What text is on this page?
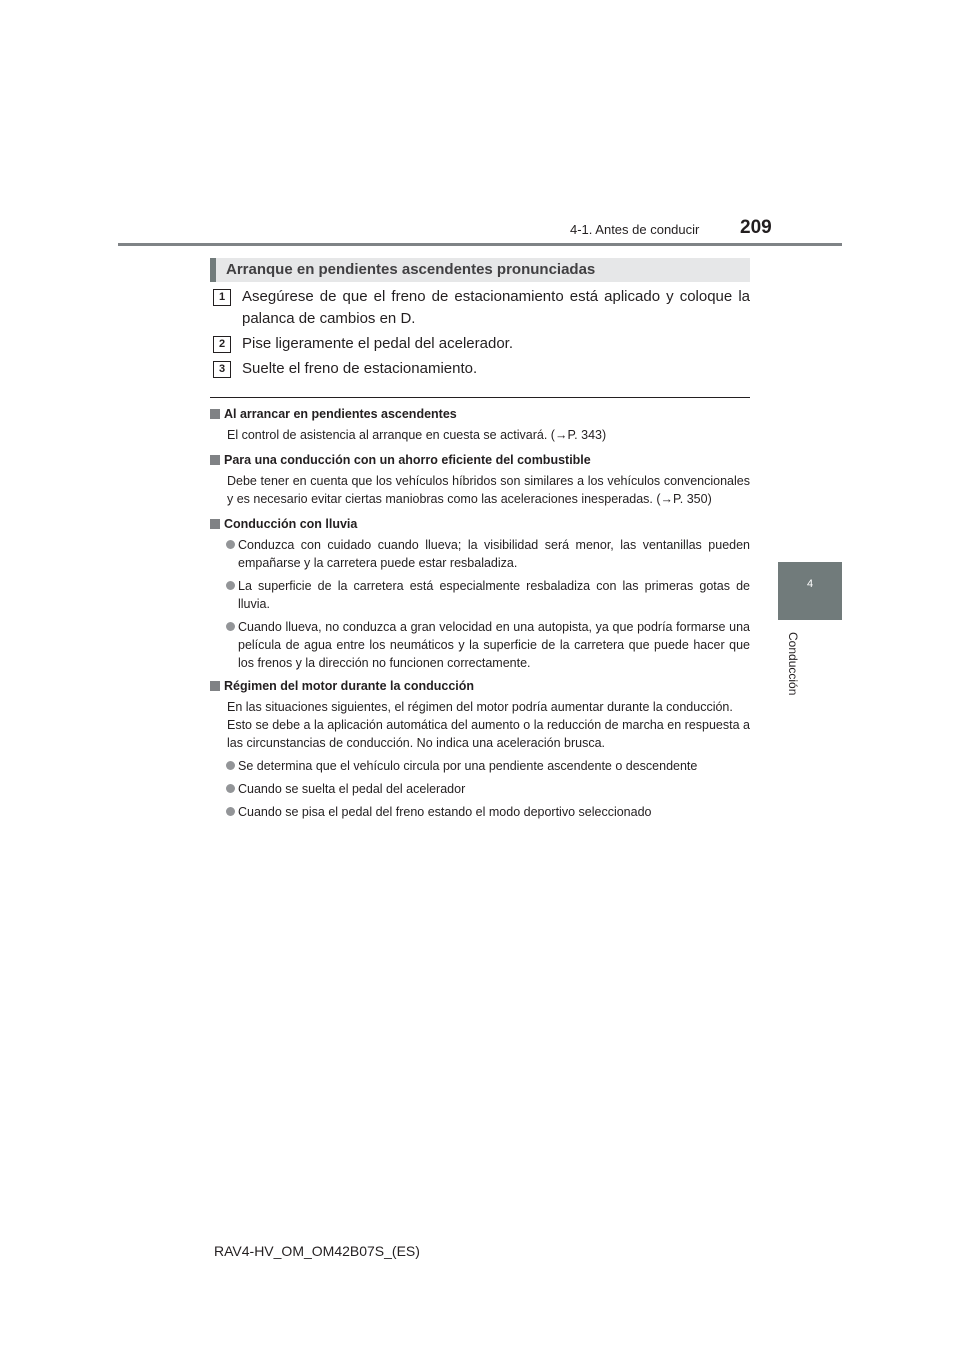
4-1. Antes de conducir 209
4
Conducción
Arranque en pendientes ascendentes pronunciadas
1	Asegúrese de que el freno de estacionamiento está aplicado y coloque la palanca de cambios en D.
2	Pise ligeramente el pedal del acelerador.
3	Suelte el freno de estacionamiento.
Al arrancar en pendientes ascendentes
El control de asistencia al arranque en cuesta se activará. (→P. 343)
Para una conducción con un ahorro eficiente del combustible
Debe tener en cuenta que los vehículos híbridos son similares a los vehículos convencionales y es necesario evitar ciertas maniobras como las aceleraciones inesperadas. (→P. 350)
Conducción con lluvia
Conduzca con cuidado cuando llueva; la visibilidad será menor, las ventanillas pueden empañarse y la carretera puede estar resbaladiza.
La superficie de la carretera está especialmente resbaladiza con las primeras gotas de lluvia.
Cuando llueva, no conduzca a gran velocidad en una autopista, ya que podría formarse una película de agua entre los neumáticos y la superficie de la carretera que puede hacer que los frenos y la dirección no funcionen correctamente.
Régimen del motor durante la conducción
En las situaciones siguientes, el régimen del motor podría aumentar durante la conducción.
Esto se debe a la aplicación automática del aumento o la reducción de marcha en respuesta a las circunstancias de conducción. No indica una aceleración brusca.
Se determina que el vehículo circula por una pendiente ascendente o descendente
Cuando se suelta el pedal del acelerador
Cuando se pisa el pedal del freno estando el modo deportivo seleccionado
RAV4-HV_OM_OM42B07S_(ES)
